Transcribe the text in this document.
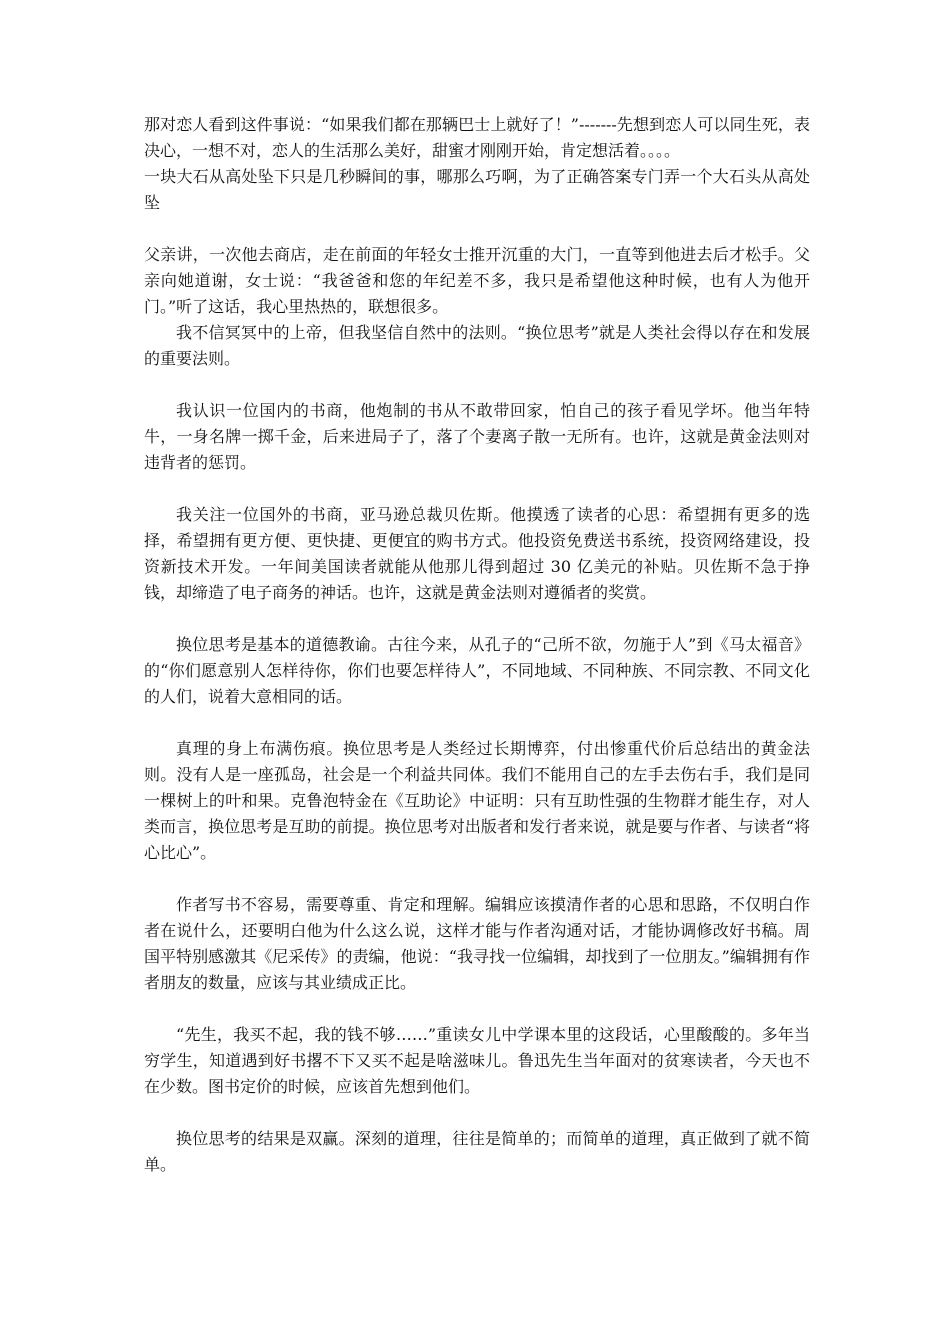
那对恋人看到这件事说：“如果我们都在那辆巴士上就好了！”-------先想到恋人可以同生死，表决心，一想不对，恋人的生活那么美好，甜蜜才刚刚开始，肯定想活着。。。。
一块大石从高处坠下只是几秒瞬间的事，哪那么巧啊，为了正确答案专门弄一个大石头从高处坠
父亲讲，一次他去商店，走在前面的年轻女士推开沉重的大门，一直等到他进去后才松手。父亲向她道谢，女士说：“我爸爸和您的年纪差不多，我只是希望他这种时候，也有人为他开门。”听了这话，我心里热热的，联想很多。
我不信冥冥中的上帝，但我坚信自然中的法则。“换位思考”就是人类社会得以存在和发展的重要法则。
我认识一位国内的书商，他炮制的书从不敢带回家，怕自己的孩子看见学坏。他当年特牛，一身名牌一掷千金，后来进局子了，落了个妻离子散一无所有。也许，这就是黄金法则对违背者的惩罚。
我关注一位国外的书商，亚马逊总裁贝佐斯。他摸透了读者的心思：希望拥有更多的选择，希望拥有更方便、更快捷、更便宜的购书方式。他投资免费送书系统，投资网络建设，投资新技术开发。一年间美国读者就能从他那儿得到超过 30 亿美元的补贴。贝佐斯不急于挣钱，却缔造了电子商务的神话。也许，这就是黄金法则对遵循者的奖赏。
换位思考是基本的道德教谕。古往今来，从孔子的“己所不欲，勿施于人”到《马太福音》的“你们愿意别人怎样待你，你们也要怎样待人”，不同地域、不同种族、不同宗教、不同文化的人们，说着大意相同的话。
真理的身上布满伤痕。换位思考是人类经过长期博弈，付出惨重代价后总结出的黄金法则。没有人是一座孤岛，社会是一个利益共同体。我们不能用自己的左手去伤右手，我们是同一棵树上的叶和果。克鲁泡特金在《互助论》中证明：只有互助性强的生物群才能生存，对人类而言，换位思考是互助的前提。换位思考对出版者和发行者来说，就是要与作者、与读者“将心比心”。
作者写书不容易，需要尊重、肯定和理解。编辑应该摸清作者的心思和思路，不仅明白作者在说什么，还要明白他为什么这么说，这样才能与作者沟通对话，才能协调修改好书稿。周国平特别感激其《尼采传》的责编，他说：“我寻找一位编辑，却找到了一位朋友。”编辑拥有作者朋友的数量，应该与其业绩成正比。
“先生，我买不起，我的钱不够……”重读女儿中学课本里的这段话，心里酸酸的。多年当穷学生，知道遇到好书撂不下又买不起是啥滋味儿。鲁迅先生当年面对的贫寒读者，今天也不在少数。图书定价的时候，应该首先想到他们。
换位思考的结果是双赢。深刻的道理，往往是简单的；而简单的道理，真正做到了就不简单。
